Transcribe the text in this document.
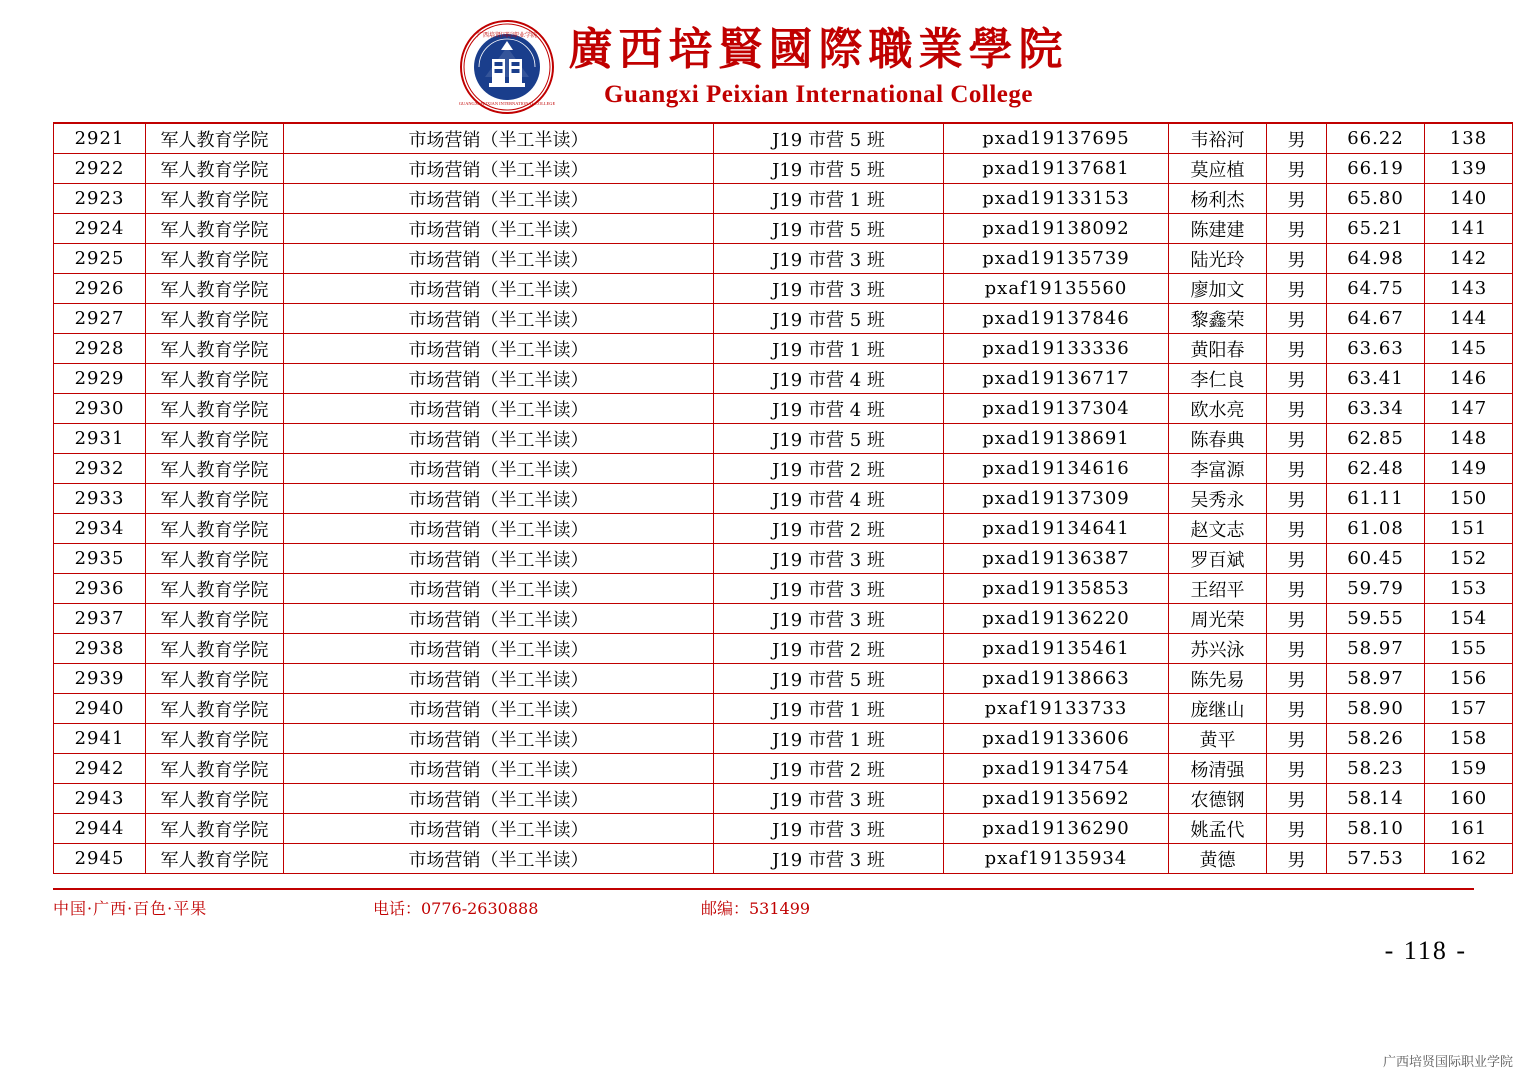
广西培贤国际职业学院
GUANGXI PEIXIAN INTERNATIONAL COLLEGE
廣西培賢國際職業學院
Guangxi Peixian International College
2921	军人教育学院	市场营销（半工半读）	J19 市营 5 班	pxad19137695	韦裕河	男	66.22	138
2922	军人教育学院	市场营销（半工半读）	J19 市营 5 班	pxad19137681	莫应植	男	66.19	139
2923	军人教育学院	市场营销（半工半读）	J19 市营 1 班	pxad19133153	杨利杰	男	65.80	140
2924	军人教育学院	市场营销（半工半读）	J19 市营 5 班	pxad19138092	陈建建	男	65.21	141
2925	军人教育学院	市场营销（半工半读）	J19 市营 3 班	pxad19135739	陆光玲	男	64.98	142
2926	军人教育学院	市场营销（半工半读）	J19 市营 3 班	pxaf19135560	廖加文	男	64.75	143
2927	军人教育学院	市场营销（半工半读）	J19 市营 5 班	pxad19137846	黎鑫荣	男	64.67	144
2928	军人教育学院	市场营销（半工半读）	J19 市营 1 班	pxad19133336	黄阳春	男	63.63	145
2929	军人教育学院	市场营销（半工半读）	J19 市营 4 班	pxad19136717	李仁良	男	63.41	146
2930	军人教育学院	市场营销（半工半读）	J19 市营 4 班	pxad19137304	欧水亮	男	63.34	147
2931	军人教育学院	市场营销（半工半读）	J19 市营 5 班	pxad19138691	陈春典	男	62.85	148
2932	军人教育学院	市场营销（半工半读）	J19 市营 2 班	pxad19134616	李富源	男	62.48	149
2933	军人教育学院	市场营销（半工半读）	J19 市营 4 班	pxad19137309	吴秀永	男	61.11	150
2934	军人教育学院	市场营销（半工半读）	J19 市营 2 班	pxad19134641	赵文志	男	61.08	151
2935	军人教育学院	市场营销（半工半读）	J19 市营 3 班	pxad19136387	罗百斌	男	60.45	152
2936	军人教育学院	市场营销（半工半读）	J19 市营 3 班	pxad19135853	王绍平	男	59.79	153
2937	军人教育学院	市场营销（半工半读）	J19 市营 3 班	pxad19136220	周光荣	男	59.55	154
2938	军人教育学院	市场营销（半工半读）	J19 市营 2 班	pxad19135461	苏兴泳	男	58.97	155
2939	军人教育学院	市场营销（半工半读）	J19 市营 5 班	pxad19138663	陈先易	男	58.97	156
2940	军人教育学院	市场营销（半工半读）	J19 市营 1 班	pxaf19133733	庞继山	男	58.90	157
2941	军人教育学院	市场营销（半工半读）	J19 市营 1 班	pxad19133606	黄平	男	58.26	158
2942	军人教育学院	市场营销（半工半读）	J19 市营 2 班	pxad19134754	杨清强	男	58.23	159
2943	军人教育学院	市场营销（半工半读）	J19 市营 3 班	pxad19135692	农德钢	男	58.14	160
2944	军人教育学院	市场营销（半工半读）	J19 市营 3 班	pxad19136290	姚孟代	男	58.10	161
2945	军人教育学院	市场营销（半工半读）	J19 市营 3 班	pxaf19135934	黄德	男	57.53	162
中国·广西·百色·平果	电话：0776-2630888	邮编：531499
- 118 -
广西培贤国际职业学院
